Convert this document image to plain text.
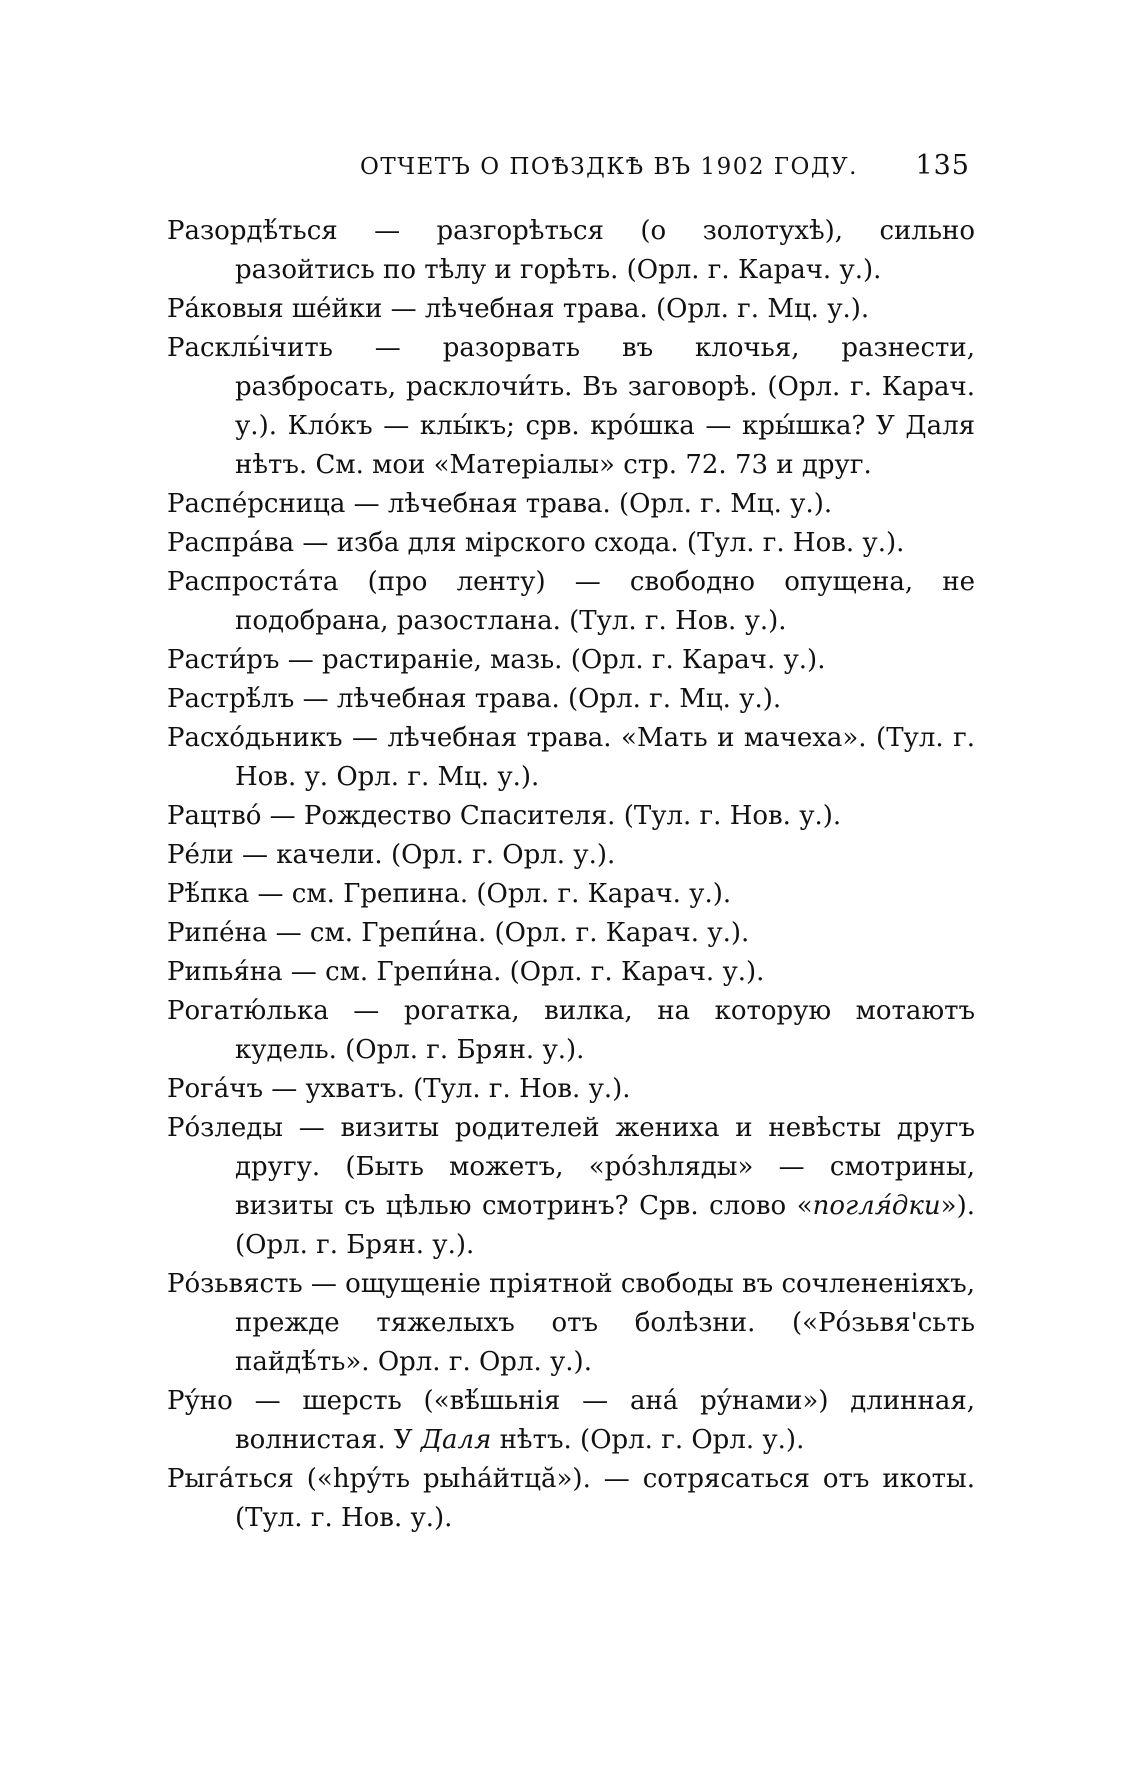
ОТЧЕТЪ О ПОѢЗДКѢ ВЪ 1902 ГОДУ. 135

Разордѣ́ться — разгорѣться (о золотухѣ), сильно разойтись по тѣлу и горѣть. (Орл. г. Карач. у.).

Ра́ковыя ше́йки — лѣчебная трава. (Орл. г. Мц. у.).

Раскль́ічить — разорвать въ клочья, разнести, разбросать, расклочи́ть. Въ заговорѣ. (Орл. г. Карач. у.). Кло́къ — клы́къ; срв. кро́шка — кры́шка? У Даля нѣтъ. См. мои «Матеріалы» стр. 72. 73 и друг.

Распе́рсница — лѣчебная трава. (Орл. г. Мц. у.).

Распра́ва — изба для мірского схода. (Тул. г. Нов. у.).

Распроста́та (про ленту) — свободно опущена, не подобрана, разостлана. (Тул. г. Нов. у.).

Расти́ръ — растираніе, мазь. (Орл. г. Карач. у.).

Растрѣ́лъ — лѣчебная трава. (Орл. г. Мц. у.).

Расхо́дьникъ — лѣчебная трава. «Мать и мачеха». (Тул. г. Нов. у. Орл. г. Мц. у.).

Рацтво́ — Рождество Спасителя. (Тул. г. Нов. у.).

Ре́ли — качели. (Орл. г. Орл. у.).

Рѣ́пка — см. Грепина. (Орл. г. Карач. у.).

Рипе́на — см. Грепи́на. (Орл. г. Карач. у.).

Рипья́на — см. Грепи́на. (Орл. г. Карач. у.).

Рогатю́лька — рогатка, вилка, на которую мотаютъ кудель. (Орл. г. Брян. у.).

Рога́чъ — ухватъ. (Тул. г. Нов. у.).

Ро́зледы — визиты родителей жениха и невѣсты другъ другу. (Быть можетъ, «ро́зhляды» — смотрины, визиты съ цѣлью смотринъ? Срв. слово «погля́дки»). (Орл. г. Брян. у.).

Ро́зьвясть — ощущеніе пріятной свободы въ сочлененіяхъ, прежде тяжелыхъ отъ болѣзни. («Ро́зьвя'сьть пайдѣ́ть». Орл. г. Орл. у.).

Ру́но — шерсть («вѣ́шьнія — ана́ ру́нами») длинная, волнистая. У Даля нѣтъ. (Орл. г. Орл. у.).

Рыга́ться («hру́ть рыhа́йтцă»). — сотрясаться отъ икоты. (Тул. г. Нов. у.).
